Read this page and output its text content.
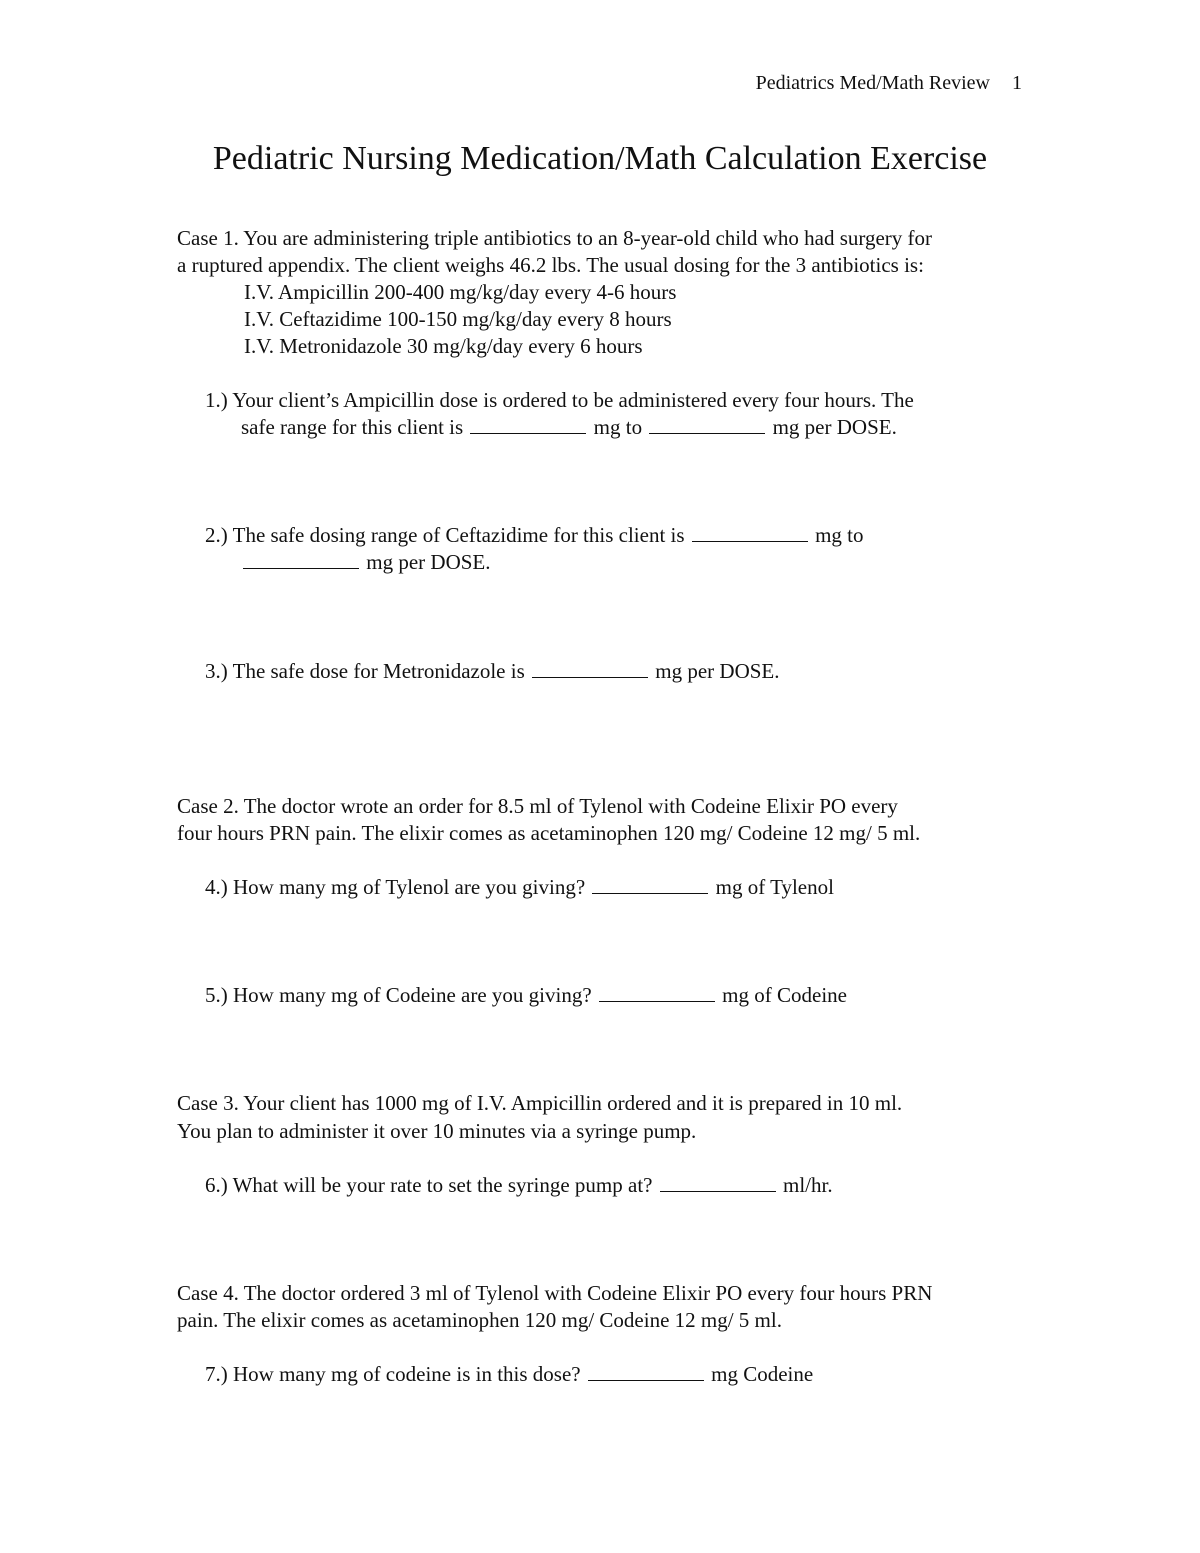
Pediatrics Med/Math Review 1
Pediatric Nursing Medication/Math Calculation Exercise
Case 1. You are administering triple antibiotics to an 8-year-old child who had surgery for
a ruptured appendix. The client weighs 46.2 lbs. The usual dosing for the 3 antibiotics is:
I.V. Ampicillin 200-400 mg/kg/day every 4-6 hours
I.V. Ceftazidime 100-150 mg/kg/day every 8 hours
I.V. Metronidazole 30 mg/kg/day every 6 hours
1.) Your client’s Ampicillin dose is ordered to be administered every four hours. The
safe range for this client is	mg to	mg per DOSE.
2.) The safe dosing range of Ceftazidime for this client is	mg to
mg per DOSE.
3.) The safe dose for Metronidazole is	mg per DOSE.
Case 2. The doctor wrote an order for 8.5 ml of Tylenol with Codeine Elixir PO every
four hours PRN pain. The elixir comes as acetaminophen 120 mg/ Codeine 12 mg/ 5 ml.
4.) How many mg of Tylenol are you giving?	mg of Tylenol
5.) How many mg of Codeine are you giving?	mg of Codeine
Case 3. Your client has 1000 mg of I.V. Ampicillin ordered and it is prepared in 10 ml.
You plan to administer it over 10 minutes via a syringe pump.
6.) What will be your rate to set the syringe pump at?	ml/hr.
Case 4. The doctor ordered 3 ml of Tylenol with Codeine Elixir PO every four hours PRN
pain. The elixir comes as acetaminophen 120 mg/ Codeine 12 mg/ 5 ml.
7.) How many mg of codeine is in this dose?	mg Codeine
